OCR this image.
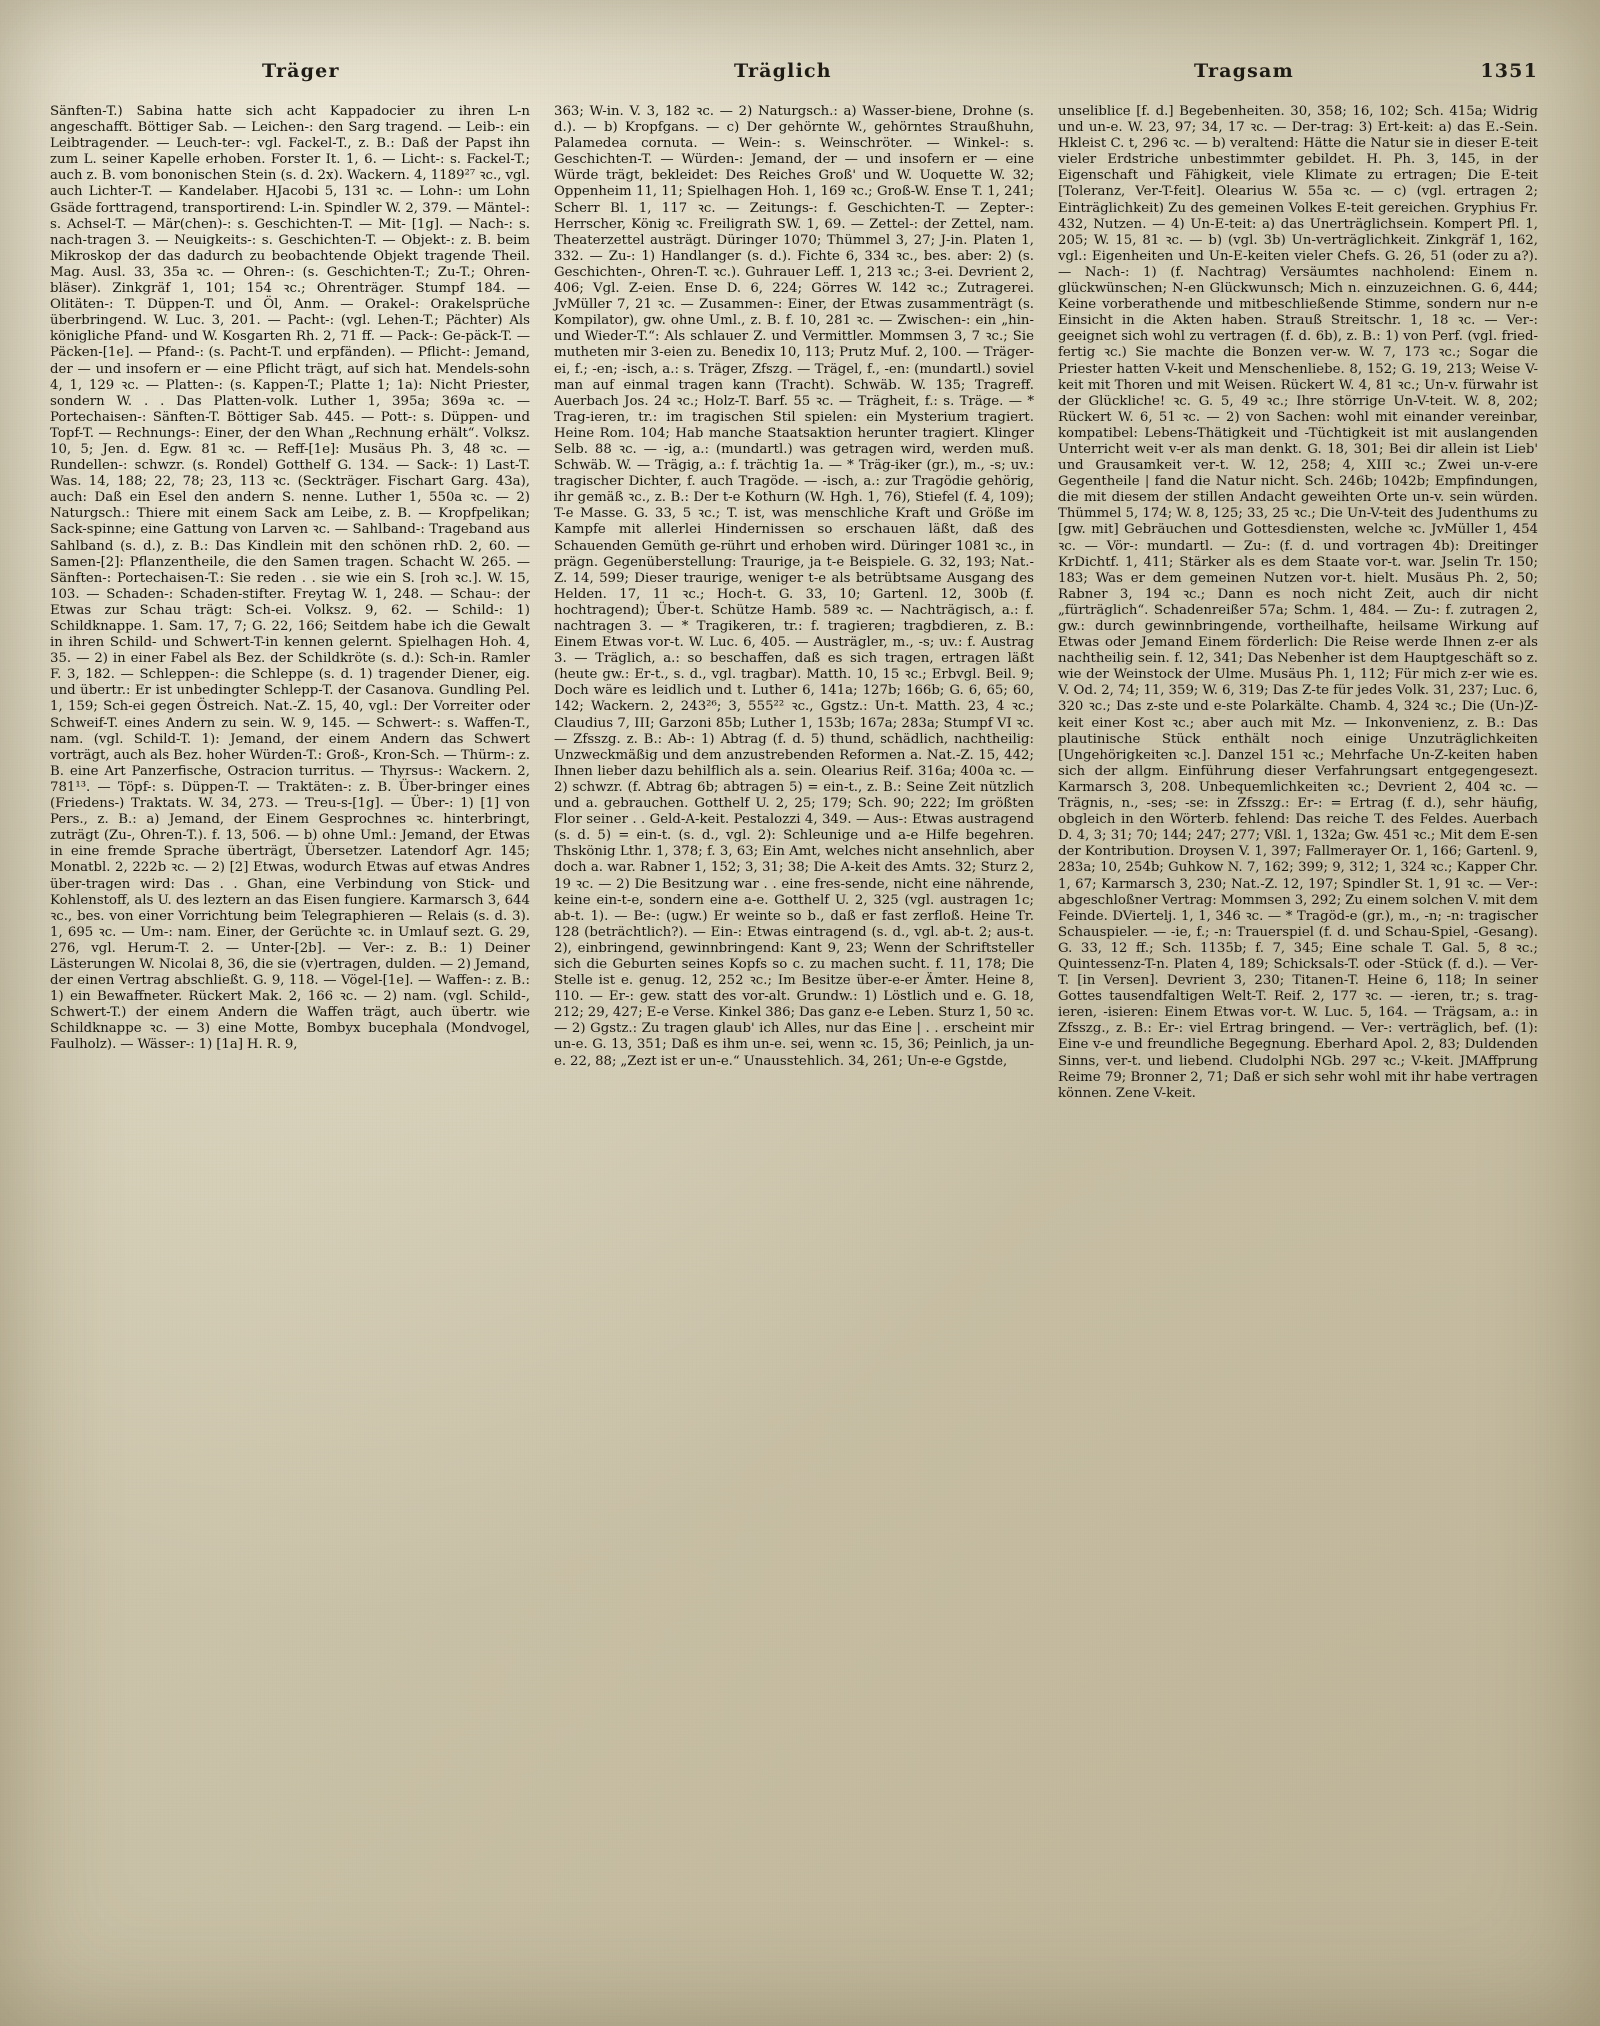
Träger	Träglich	Tragsam	1351

Sänften-T.) Sabina hatte sich acht Kappadocier zu ihren L-n angeschafft. Böttiger Sab. — Leichen-: den Sarg tragend. — Leib-: ein Leibtragender. — Leuch-ter-: vgl. Fackel-T., z. B.: Daß der Papst ihn zum L. seiner Kapelle erhoben. Forster It. 1, 6. — Licht-: s. Fackel-T.; auch z. B. vom bononischen Stein (s. d. 2x). Wackern. 4, 1189²⁷ ꝛc., vgl. auch Lichter-T. — Kandelaber. HJacobi 5, 131 ꝛc. — Lohn-: um Lohn Gsäde forttragend, transportirend: L-in. Spindler W. 2, 379. — Mäntel-: s. Achsel-T. — Mär(chen)-: s. Geschichten-T. — Mit- [1g]. — Nach-: s. nach-tragen 3. — Neuigkeits-: s. Geschichten-T. — Objekt-: z. B. beim Mikroskop der das dadurch zu beobachtende Objekt tragende Theil. Mag. Ausl. 33, 35a ꝛc. — Ohren-: (s. Geschichten-T.; Zu-T.; Ohren-bläser). Zinkgräf 1, 101; 154 ꝛc.; Ohrenträger. Stumpf 184. — Olitäten-: T. Düppen-T. und Öl, Anm. — Orakel-: Orakelsprüche überbringend. W. Luc. 3, 201. — Pacht-: (vgl. Lehen-T.; Pächter) Als königliche Pfand- und W. Kosgarten Rh. 2, 71 ff. — Pack-: Ge-päck-T. — Päcken-[1e]. — Pfand-: (s. Pacht-T. und erpfänden). — Pflicht-: Jemand, der — und insofern er — eine Pflicht trägt, auf sich hat. Mendels-sohn 4, 1, 129 ꝛc. — Platten-: (s. Kappen-T.; Platte 1; 1a): Nicht Priester, sondern W. . . Das Platten-volk. Luther 1, 395a; 369a ꝛc. — Portechaisen-: Sänften-T. Böttiger Sab. 445. — Pott-: s. Düppen- und Topf-T. — Rechnungs-: Einer, der den Whan „Rechnung erhält“. Volksz. 10, 5; Jen. d. Egw. 81 ꝛc. — Reff-[1e]: Musäus Ph. 3, 48 ꝛc. — Rundellen-: schwzr. (s. Rondel) Gotthelf G. 134. — Sack-: 1) Last-T. Was. 14, 188; 22, 78; 23, 113 ꝛc. (Seckträger. Fischart Garg. 43a), auch: Daß ein Esel den andern S. nenne. Luther 1, 550a ꝛc. — 2) Naturgsch.: Thiere mit einem Sack am Leibe, z. B. — Kropfpelikan; Sack-spinne; eine Gattung von Larven ꝛc. — Sahlband-: Trageband aus Sahlband (s. d.), z. B.: Das Kindlein mit den schönen rhD. 2, 60. — Samen-[2]: Pflanzentheile, die den Samen tragen. Schacht W. 265. — Sänften-: Portechaisen-T.: Sie reden . . sie wie ein S. [roh ꝛc.]. W. 15, 103. — Schaden-: Schaden-stifter. Freytag W. 1, 248. — Schau-: der Etwas zur Schau trägt: Sch-ei. Volksz. 9, 62. — Schild-: 1) Schildknappe. 1. Sam. 17, 7; G. 22, 166; Seitdem habe ich die Gewalt in ihren Schild- und Schwert-T-in kennen gelernt. Spielhagen Hoh. 4, 35. — 2) in einer Fabel als Bez. der Schildkröte (s. d.): Sch-in. Ramler F. 3, 182. — Schleppen-: die Schleppe (s. d. 1) tragender Diener, eig. und übertr.: Er ist unbedingter Schlepp-T. der Casanova. Gundling Pel. 1, 159; Sch-ei gegen Östreich. Nat.-Z. 15, 40, vgl.: Der Vorreiter oder Schweif-T. eines Andern zu sein. W. 9, 145. — Schwert-: s. Waffen-T., nam. (vgl. Schild-T. 1): Jemand, der einem Andern das Schwert vorträgt, auch als Bez. hoher Würden-T.: Groß-, Kron-Sch. — Thürm-: z. B. eine Art Panzerfische, Ostracion turritus. — Thyrsus-: Wackern. 2, 781¹³. — Töpf-: s. Düppen-T. — Traktäten-: z. B. Über-bringer eines (Friedens-) Traktats. W. 34, 273. — Treu-s-[1g]. — Über-: 1) [1] von Pers., z. B.: a) Jemand, der Einem Gesprochnes ꝛc. hinterbringt, zuträgt (Zu-, Ohren-T.). f. 13, 506. — b) ohne Uml.: Jemand, der Etwas in eine fremde Sprache überträgt, Übersetzer. Latendorf Agr. 145; Monatbl. 2, 222b ꝛc. — 2) [2] Etwas, wodurch Etwas auf etwas Andres über-tragen wird: Das . . Ghan, eine Verbindung von Stick- und Kohlenstoff, als U. des leztern an das Eisen fungiere. Karmarsch 3, 644 ꝛc., bes. von einer Vorrichtung beim Telegraphieren — Relais (s. d. 3). 1, 695 ꝛc. — Um-: nam. Einer, der Gerüchte ꝛc. in Umlauf sezt. G. 29, 276, vgl. Herum-T. 2. — Unter-[2b]. — Ver-: z. B.: 1) Deiner Lästerungen W. Nicolai 8, 36, die sie (v)ertragen, dulden. — 2) Jemand, der einen Vertrag abschließt. G. 9, 118. — Vögel-[1e]. — Waffen-: z. B.: 1) ein Bewaffneter. Rückert Mak. 2, 166 ꝛc. — 2) nam. (vgl. Schild-, Schwert-T.) der einem Andern die Waffen trägt, auch übertr. wie Schildknappe ꝛc. — 3) eine Motte, Bombyx bucephala (Mondvogel, Faulholz). — Wässer-: 1) [1a] H. R. 9,

363; W-in. V. 3, 182 ꝛc. — 2) Naturgsch.: a) Wasser-biene, Drohne (s. d.). — b) Kropfgans. — c) Der gehörnte W., gehörntes Straußhuhn, Palamedea cornuta. — Wein-: s. Weinschröter. — Winkel-: s. Geschichten-T. — Würden-: Jemand, der — und insofern er — eine Würde trägt, bekleidet: Des Reiches Groß' und W. Uoquette W. 32; Oppenheim 11, 11; Spielhagen Hoh. 1, 169 ꝛc.; Groß-W. Ense T. 1, 241; Scherr Bl. 1, 117 ꝛc. — Zeitungs-: f. Geschichten-T. — Zepter-: Herrscher, König ꝛc. Freiligrath SW. 1, 69. — Zettel-: der Zettel, nam. Theaterzettel austrägt. Düringer 1070; Thümmel 3, 27; J-in. Platen 1, 332. — Zu-: 1) Handlanger (s. d.). Fichte 6, 334 ꝛc., bes. aber: 2) (s. Geschichten-, Ohren-T. ꝛc.). Guhrauer Leff. 1, 213 ꝛc.; 3-ei. Devrient 2, 406; Vgl. Z-eien. Ense D. 6, 224; Görres W. 142 ꝛc.; Zutragerei. JvMüller 7, 21 ꝛc. — Zusammen-: Einer, der Etwas zusammenträgt (s. Kompilator), gw. ohne Uml., z. B. f. 10, 281 ꝛc. — Zwischen-: ein „hin- und Wieder-T.“: Als schlauer Z. und Vermittler. Mommsen 3, 7 ꝛc.; Sie mutheten mir 3-eien zu. Benedix 10, 113; Prutz Muf. 2, 100. — Träger-ei, f.; -en; -isch, a.: s. Träger, Zfszg. — Trägel, f., -en: (mundartl.) soviel man auf einmal tragen kann (Tracht). Schwäb. W. 135; Tragreff. Auerbach Jos. 24 ꝛc.; Holz-T. Barf. 55 ꝛc. — Trägheit, f.: s. Träge. — * Trag-ieren, tr.: im tragischen Stil spielen: ein Mysterium tragiert. Heine Rom. 104; Hab manche Staatsaktion herunter tragiert. Klinger Selb. 88 ꝛc. — -ig, a.: (mundartl.) was getragen wird, werden muß. Schwäb. W. — Trägig, a.: f. trächtig 1a. — * Träg-iker (gr.), m., -s; uv.: tragischer Dichter, f. auch Tragöde. — -isch, a.: zur Tragödie gehörig, ihr gemäß ꝛc., z. B.: Der t-e Kothurn (W. Hgh. 1, 76), Stiefel (f. 4, 109); T-e Masse. G. 33, 5 ꝛc.; T. ist, was menschliche Kraft und Größe im Kampfe mit allerlei Hindernissen so erschauen läßt, daß des Schauenden Gemüth ge-rührt und erhoben wird. Düringer 1081 ꝛc., in prägn. Gegenüberstellung: Traurige, ja t-e Beispiele. G. 32, 193; Nat.-Z. 14, 599; Dieser traurige, weniger t-e als betrübtsame Ausgang des Helden. 17, 11 ꝛc.; Hoch-t. G. 33, 10; Gartenl. 12, 300b (f. hochtragend); Über-t. Schütze Hamb. 589 ꝛc. — Nachträgisch, a.: f. nachtragen 3. — * Tragikeren, tr.: f. tragieren; tragbdieren, z. B.: Einem Etwas vor-t. W. Luc. 6, 405. — Austrägler, m., -s; uv.: f. Austrag 3. — Träglich, a.: so beschaffen, daß es sich tragen, ertragen läßt (heute gw.: Er-t., s. d., vgl. tragbar). Matth. 10, 15 ꝛc.; Erbvgl. Beil. 9; Doch wäre es leidlich und t. Luther 6, 141a; 127b; 166b; G. 6, 65; 60, 142; Wackern. 2, 243²⁶; 3, 555²² ꝛc., Ggstz.: Un-t. Matth. 23, 4 ꝛc.; Claudius 7, III; Garzoni 85b; Luther 1, 153b; 167a; 283a; Stumpf VI ꝛc. — Zfsszg. z. B.: Ab-: 1) Abtrag (f. d. 5) thund, schädlich, nachtheilig: Unzweckmäßig und dem anzustrebenden Reformen a. Nat.-Z. 15, 442; Ihnen lieber dazu behilflich als a. sein. Olearius Reif. 316a; 400a ꝛc. — 2) schwzr. (f. Abtrag 6b; abtragen 5) = ein-t., z. B.: Seine Zeit nützlich und a. gebrauchen. Gotthelf U. 2, 25; 179; Sch. 90; 222; Im größten Flor seiner . . Geld-A-keit. Pestalozzi 4, 349. — Aus-: Etwas austragend (s. d. 5) = ein-t. (s. d., vgl. 2): Schleunige und a-e Hilfe begehren. Thskönig Lthr. 1, 378; f. 3, 63; Ein Amt, welches nicht ansehnlich, aber doch a. war. Rabner 1, 152; 3, 31; 38; Die A-keit des Amts. 32; Sturz 2, 19 ꝛc. — 2) Die Besitzung war . . eine fres-sende, nicht eine nährende, keine ein-t-e, sondern eine a-e. Gotthelf U. 2, 325 (vgl. austragen 1c; ab-t. 1). — Be-: (ugw.) Er weinte so b., daß er fast zerfloß. Heine Tr. 128 (beträchtlich?). — Ein-: Etwas eintragend (s. d., vgl. ab-t. 2; aus-t. 2), einbringend, gewinnbringend: Kant 9, 23; Wenn der Schriftsteller sich die Geburten seines Kopfs so c. zu machen sucht. f. 11, 178; Die Stelle ist e. genug. 12, 252 ꝛc.; Im Besitze über-e-er Ämter. Heine 8, 110. — Er-: gew. statt des vor-alt. Grundw.: 1) Löstlich und e. G. 18, 212; 29, 427; E-e Verse. Kinkel 386; Das ganz e-e Leben. Sturz 1, 50 ꝛc. — 2) Ggstz.: Zu tragen glaub' ich Alles, nur das Eine | . . erscheint mir un-e. G. 13, 351; Daß es ihm un-e. sei, wenn ꝛc. 15, 36; Peinlich, ja un-e. 22, 88; „Zezt ist er un-e.“ Unausstehlich. 34, 261; Un-e-e Ggstde,

unseliblice [f. d.] Begebenheiten. 30, 358; 16, 102; Sch. 415a; Widrig und un-e. W. 23, 97; 34, 17 ꝛc. — Der-trag: 3) Ert-keit: a) das E.-Sein. Hkleist C. t, 296 ꝛc. — b) veraltend: Hätte die Natur sie in dieser E-teit vieler Erdstriche unbestimmter gebildet. H. Ph. 3, 145, in der Eigenschaft und Fähigkeit, viele Klimate zu ertragen; Die E-teit [Toleranz, Ver-T-feit]. Olearius W. 55a ꝛc. — c) (vgl. ertragen 2; Einträglichkeit) Zu des gemeinen Volkes E-teit gereichen. Gryphius Fr. 432, Nutzen. — 4) Un-E-teit: a) das Unerträglichsein. Kompert Pfl. 1, 205; W. 15, 81 ꝛc. — b) (vgl. 3b) Un-verträglichkeit. Zinkgräf 1, 162, vgl.: Eigenheiten und Un-E-keiten vieler Chefs. G. 26, 51 (oder zu a?). — Nach-: 1) (f. Nachtrag) Versäumtes nachholend: Einem n. glückwünschen; N-en Glückwunsch; Mich n. einzuzeichnen. G. 6, 444; Keine vorberathende und mitbeschließende Stimme, sondern nur n-e Einsicht in die Akten haben. Strauß Streitschr. 1, 18 ꝛc. — Ver-: geeignet sich wohl zu vertragen (f. d. 6b), z. B.: 1) von Perf. (vgl. fried-fertig ꝛc.) Sie machte die Bonzen ver-w. W. 7, 173 ꝛc.; Sogar die Priester hatten V-keit und Menschenliebe. 8, 152; G. 19, 213; Weise V-keit mit Thoren und mit Weisen. Rückert W. 4, 81 ꝛc.; Un-v. fürwahr ist der Glückliche! ꝛc. G. 5, 49 ꝛc.; Ihre störrige Un-V-teit. W. 8, 202; Rückert W. 6, 51 ꝛc. — 2) von Sachen: wohl mit einander vereinbar, kompatibel: Lebens-Thätigkeit und -Tüchtigkeit ist mit auslangenden Unterricht weit v-er als man denkt. G. 18, 301; Bei dir allein ist Lieb' und Grausamkeit ver-t. W. 12, 258; 4, XIII ꝛc.; Zwei un-v-ere Gegentheile | fand die Natur nicht. Sch. 246b; 1042b; Empfindungen, die mit diesem der stillen Andacht geweihten Orte un-v. sein würden. Thümmel 5, 174; W. 8, 125; 33, 25 ꝛc.; Die Un-V-teit des Judenthums zu [gw. mit] Gebräuchen und Gottesdiensten, welche ꝛc. JvMüller 1, 454 ꝛc. — Vör-: mundartl. — Zu-: (f. d. und vortragen 4b): Dreitinger KrDichtf. 1, 411; Stärker als es dem Staate vor-t. war. Jselin Tr. 150; 183; Was er dem gemeinen Nutzen vor-t. hielt. Musäus Ph. 2, 50; Rabner 3, 194 ꝛc.; Dann es noch nicht Zeit, auch dir nicht „fürträglich“. Schadenreißer 57a; Schm. 1, 484. — Zu-: f. zutragen 2, gw.: durch gewinnbringende, vortheilhafte, heilsame Wirkung auf Etwas oder Jemand Einem förderlich: Die Reise werde Ihnen z-er als nachtheilig sein. f. 12, 341; Das Nebenher ist dem Hauptgeschäft so z. wie der Weinstock der Ulme. Musäus Ph. 1, 112; Für mich z-er wie es. V. Od. 2, 74; 11, 359; W. 6, 319; Das Z-te für jedes Volk. 31, 237; Luc. 6, 320 ꝛc.; Das z-ste und e-ste Polarkälte. Chamb. 4, 324 ꝛc.; Die (Un-)Z-keit einer Kost ꝛc.; aber auch mit Mz. — Inkonvenienz, z. B.: Das plautinische Stück enthält noch einige Unzuträglichkeiten [Ungehörigkeiten ꝛc.]. Danzel 151 ꝛc.; Mehrfache Un-Z-keiten haben sich der allgm. Einführung dieser Verfahrungsart entgegengesezt. Karmarsch 3, 208. Unbequemlichkeiten ꝛc.; Devrient 2, 404 ꝛc. — Trägnis, n., -ses; -se: in Zfsszg.: Er-: = Ertrag (f. d.), sehr häufig, obgleich in den Wörterb. fehlend: Das reiche T. des Feldes. Auerbach D. 4, 3; 31; 70; 144; 247; 277; Vßl. 1, 132a; Gw. 451 ꝛc.; Mit dem E-sen der Kontribution. Droysen V. 1, 397; Fallmerayer Or. 1, 166; Gartenl. 9, 283a; 10, 254b; Guhkow N. 7, 162; 399; 9, 312; 1, 324 ꝛc.; Kapper Chr. 1, 67; Karmarsch 3, 230; Nat.-Z. 12, 197; Spindler St. 1, 91 ꝛc. — Ver-: abgeschloßner Vertrag: Mommsen 3, 292; Zu einem solchen V. mit dem Feinde. DViertelj. 1, 1, 346 ꝛc. — * Tragöd-e (gr.), m., -n; -n: tragischer Schauspieler. — -ie, f.; -n: Trauerspiel (f. d. und Schau-Spiel, -Gesang). G. 33, 12 ff.; Sch. 1135b; f. 7, 345; Eine schale T. Gal. 5, 8 ꝛc.; Quintessenz-T-n. Platen 4, 189; Schicksals-T. oder -Stück (f. d.). — Ver-T. [in Versen]. Devrient 3, 230; Titanen-T. Heine 6, 118; In seiner Gottes tausendfaltigen Welt-T. Reif. 2, 177 ꝛc. — -ieren, tr.; s. trag-ieren, -isieren: Einem Etwas vor-t. W. Luc. 5, 164. — Trägsam, a.: in Zfsszg., z. B.: Er-: viel Ertrag bringend. — Ver-: verträglich, bef. (1): Eine v-e und freundliche Begegnung. Eberhard Apol. 2, 83; Duldenden Sinns, ver-t. und liebend. Cludolphi NGb. 297 ꝛc.; V-keit. JMAffprung Reime 79; Bronner 2, 71; Daß er sich sehr wohl mit ihr habe vertragen können. Zene V-keit.
